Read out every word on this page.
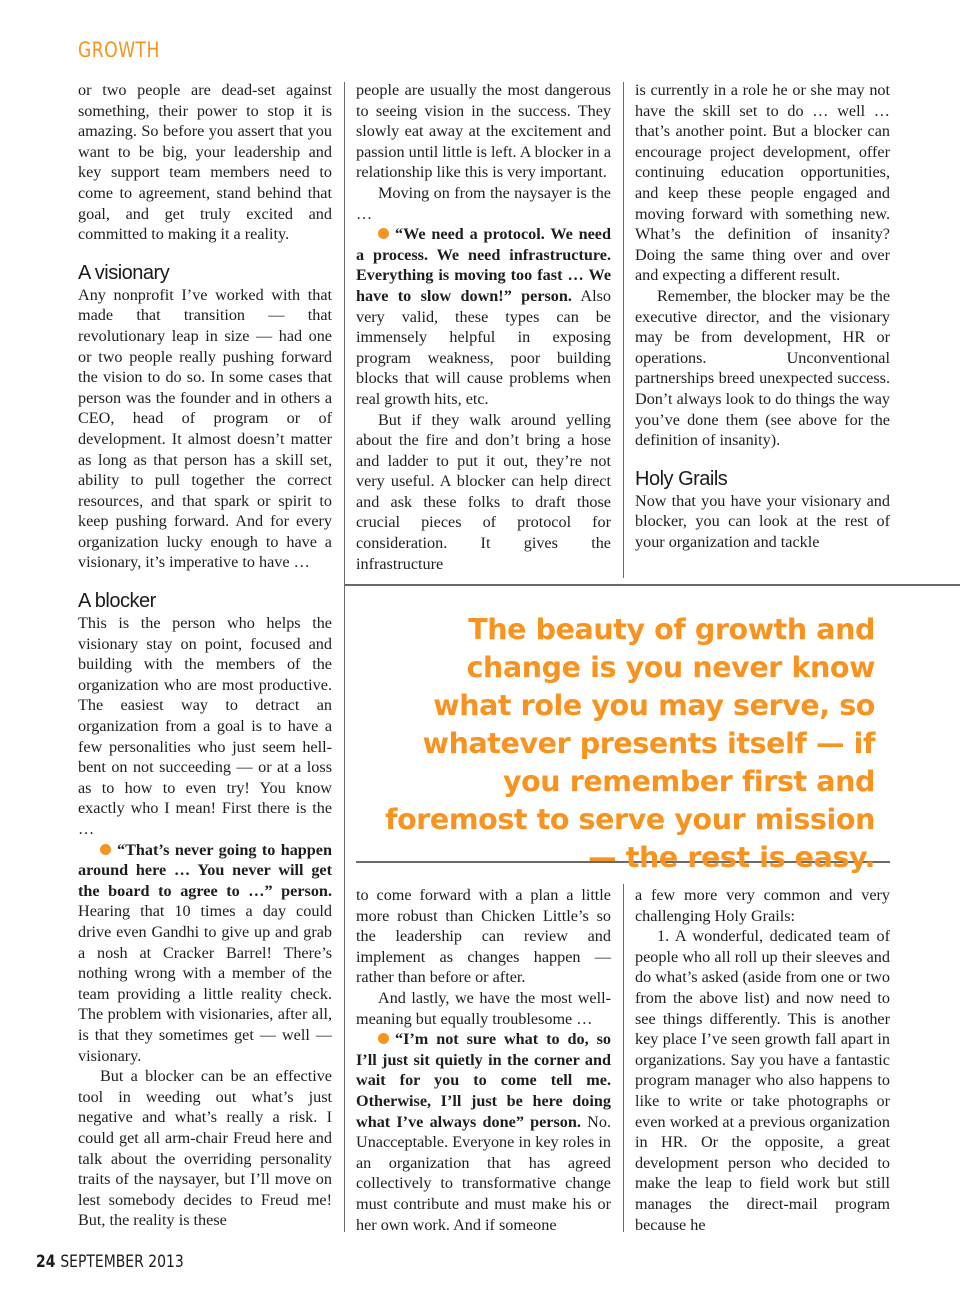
GROWTH

or two people are dead-set against something, their power to stop it is amazing. So before you assert that you want to be big, your leadership and key support team members need to come to agreement, stand behind that goal, and get truly excited and committed to making it a reality.

A visionary

Any nonprofit I’ve worked with that made that transition — that revolutionary leap in size — had one or two people really pushing forward the vision to do so. In some cases that person was the founder and in others a CEO, head of program or of development. It almost doesn’t matter as long as that person has a skill set, ability to pull together the correct resources, and that spark or spirit to keep pushing forward. And for every organization lucky enough to have a visionary, it’s imperative to have …

A blocker

This is the person who helps the visionary stay on point, focused and building with the members of the organization who are most productive. The easiest way to detract an organization from a goal is to have a few personalities who just seem hell-bent on not succeeding — or at a loss as to how to even try! You know exactly who I mean! First there is the …

“That’s never going to happen around here … You never will get the board to agree to …” person. Hearing that 10 times a day could drive even Gandhi to give up and grab a nosh at Cracker Barrel! There’s nothing wrong with a member of the team providing a little reality check. The problem with visionaries, after all, is that they sometimes get — well — visionary.

But a blocker can be an effective tool in weeding out what’s just negative and what’s really a risk. I could get all arm-chair Freud here and talk about the overriding personality traits of the naysayer, but I’ll move on lest somebody decides to Freud me! But, the reality is these

people are usually the most dangerous to seeing vision in the success. They slowly eat away at the excitement and passion until little is left. A blocker in a relationship like this is very important.

Moving on from the naysayer is the …

“We need a protocol. We need a process. We need infrastructure. Everything is moving too fast … We have to slow down!” person. Also very valid, these types can be immensely helpful in exposing program weakness, poor building blocks that will cause problems when real growth hits, etc.

But if they walk around yelling about the fire and don’t bring a hose and ladder to put it out, they’re not very useful. A blocker can help direct and ask these folks to draft those crucial pieces of protocol for consideration. It gives the infrastructure

is currently in a role he or she may not have the skill set to do … well … that’s another point. But a blocker can encourage project development, offer continuing education opportunities, and keep these people engaged and moving forward with something new. What’s the definition of insanity? Doing the same thing over and over and expecting a different result.

Remember, the blocker may be the executive director, and the visionary may be from development, HR or operations. Unconventional partnerships breed unexpected success. Don’t always look to do things the way you’ve done them (see above for the definition of insanity).

Holy Grails

Now that you have your visionary and blocker, you can look at the rest of your organization and tackle

The beauty of growth and change is you never know what role you may serve, so whatever presents itself — if you remember first and foremost to serve your mission — the rest is easy.

to come forward with a plan a little more robust than Chicken Little’s so the leadership can review and implement as changes happen — rather than before or after.

And lastly, we have the most well-meaning but equally troublesome …

“I’m not sure what to do, so I’ll just sit quietly in the corner and wait for you to come tell me. Otherwise, I’ll just be here doing what I’ve always done” person. No. Unacceptable. Everyone in key roles in an organization that has agreed collectively to transformative change must contribute and must make his or her own work. And if someone

a few more very common and very challenging Holy Grails:

1. A wonderful, dedicated team of people who all roll up their sleeves and do what’s asked (aside from one or two from the above list) and now need to see things differently. This is another key place I’ve seen growth fall apart in organizations. Say you have a fantastic program manager who also happens to like to write or take photographs or even worked at a previous organization in HR. Or the opposite, a great development person who decided to make the leap to field work but still manages the direct-mail program because he

24 SEPTEMBER 2013
